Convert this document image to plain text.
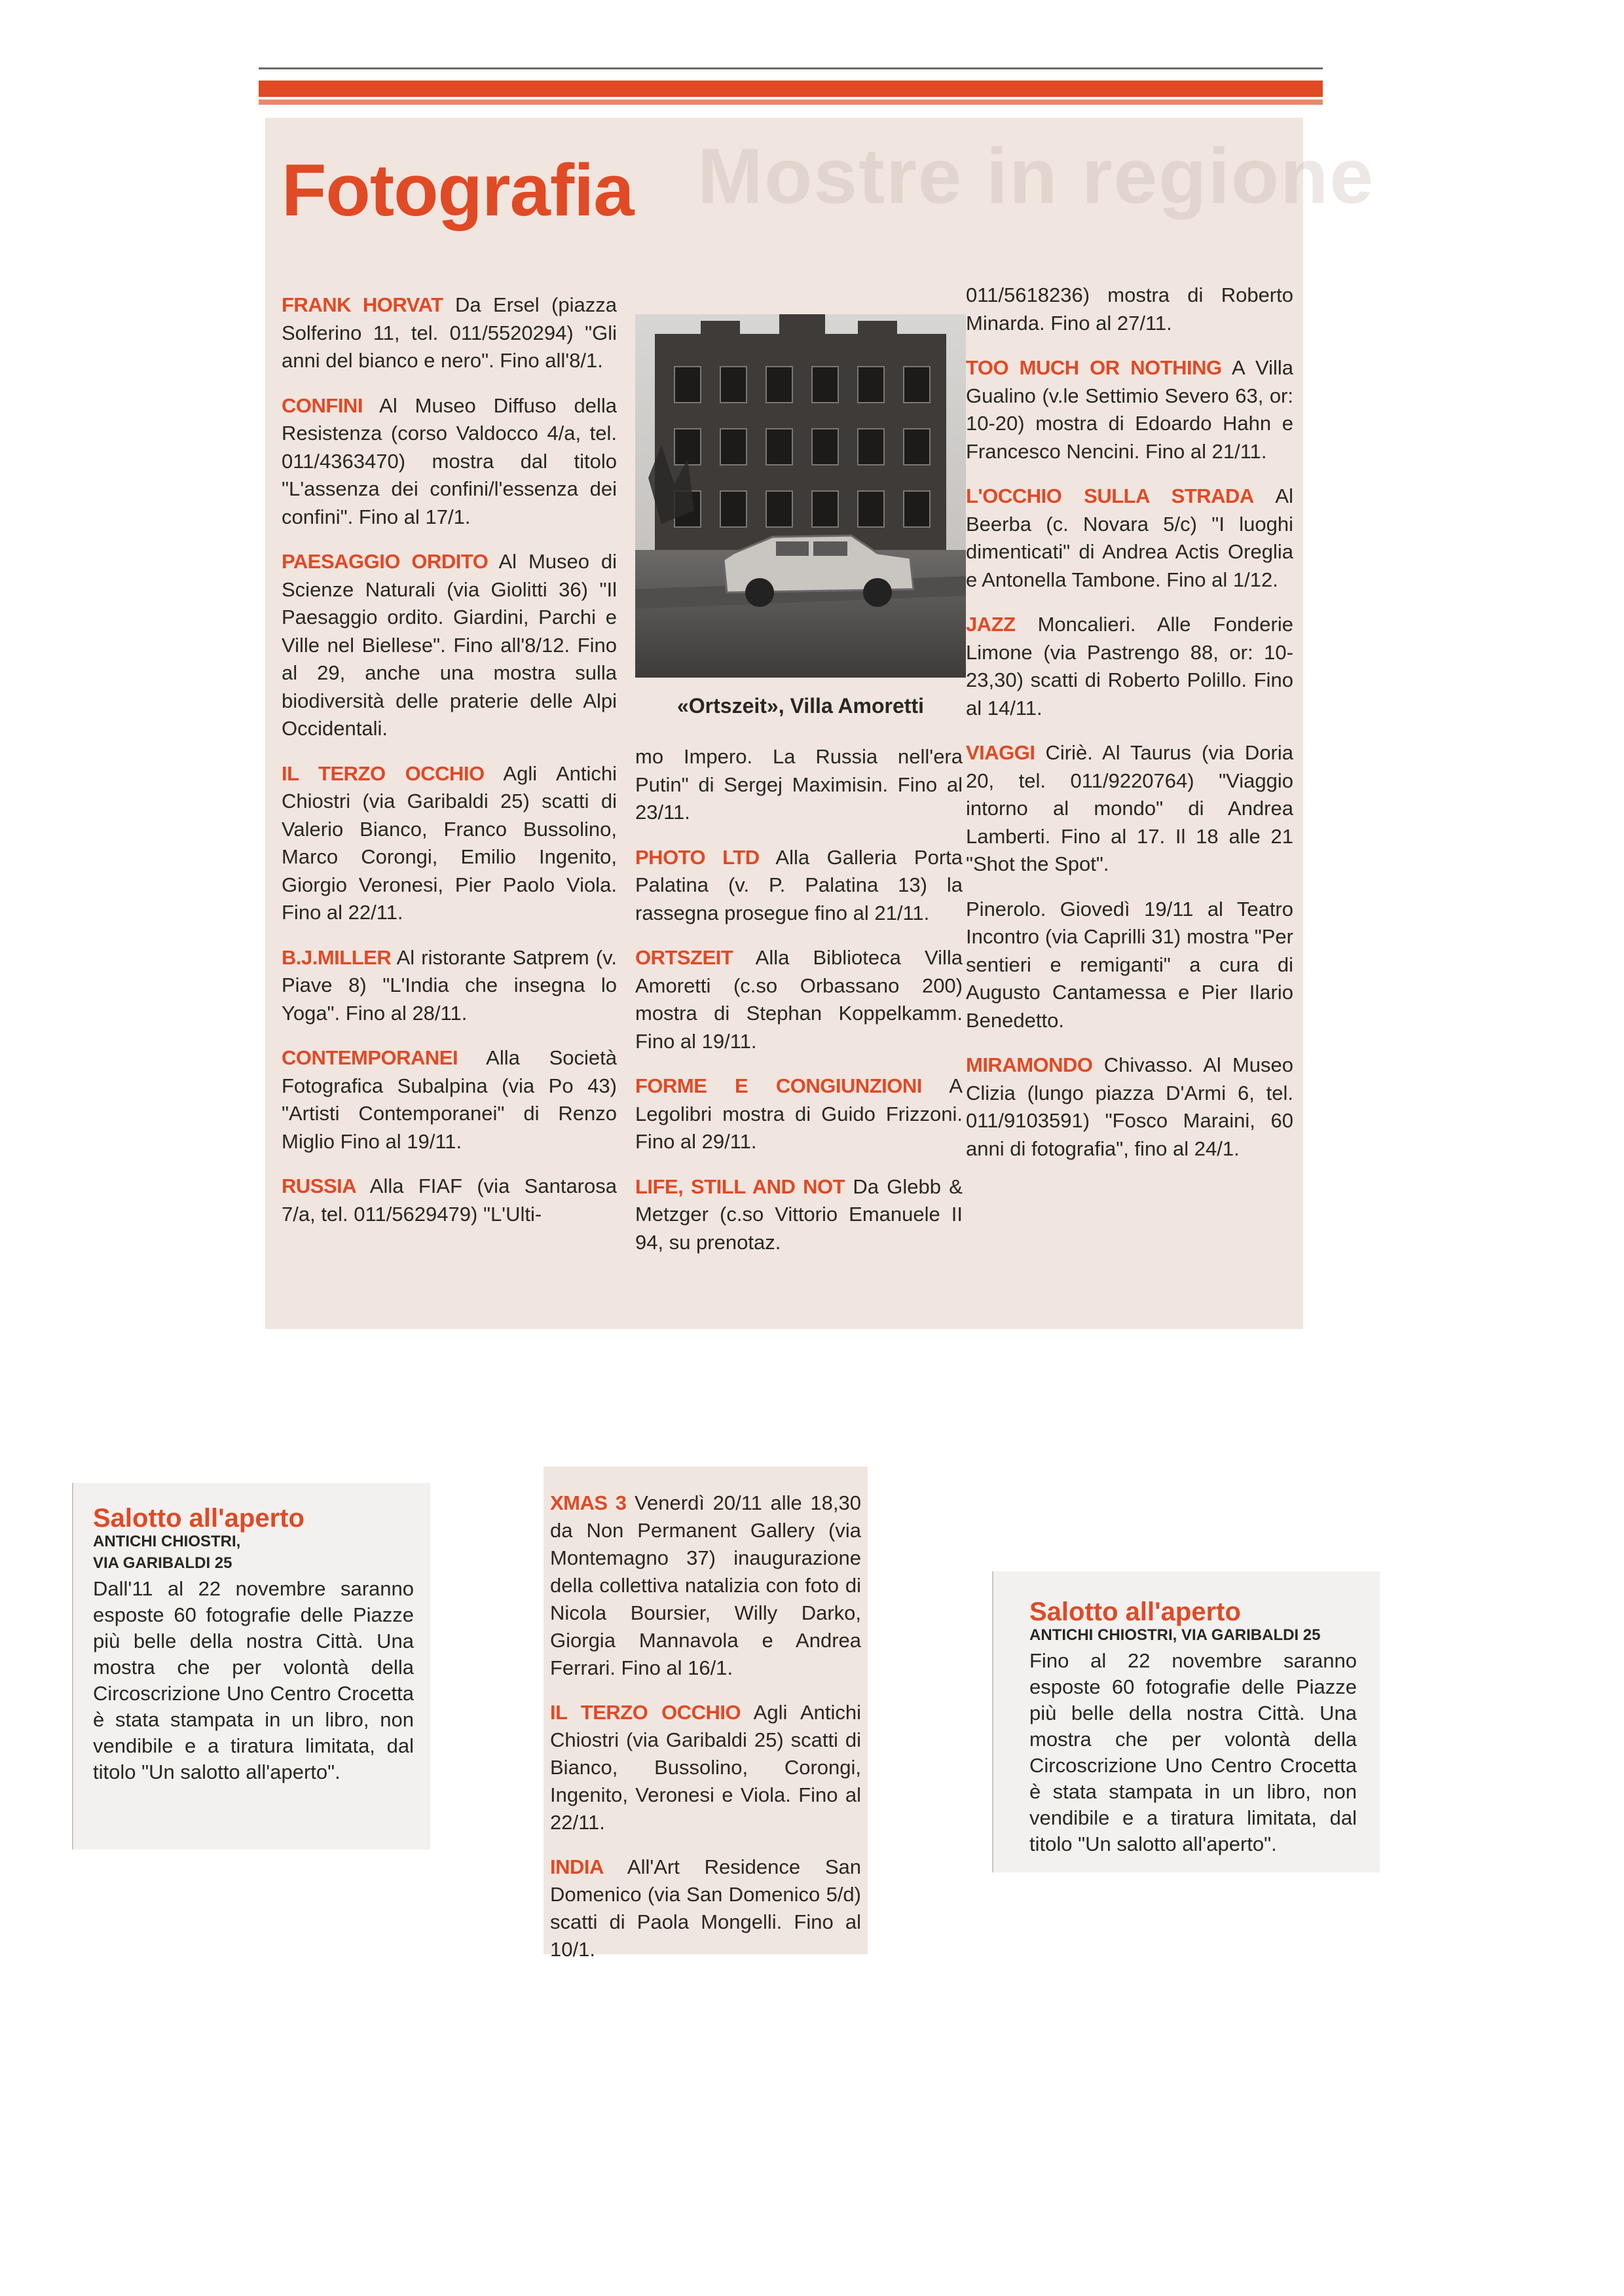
Mostre in regione
Fotografia
FRANK HORVAT Da Ersel (piazza Solferino 11, tel. 011/5520294) "Gli anni del bianco e nero". Fino all'8/1.
CONFINI Al Museo Diffuso della Resistenza (corso Valdocco 4/a, tel. 011/4363470) mostra dal titolo "L'assenza dei confini/l'essenza dei confini". Fino al 17/1.
PAESAGGIO ORDITO Al Museo di Scienze Naturali (via Giolitti 36) "Il Paesaggio ordito. Giardini, Parchi e Ville nel Biellese". Fino all'8/12. Fino al 29, anche una mostra sulla biodiversità delle praterie delle Alpi Occidentali.
IL TERZO OCCHIO Agli Antichi Chiostri (via Garibaldi 25) scatti di Valerio Bianco, Franco Bussolino, Marco Corongi, Emilio Ingenito, Giorgio Veronesi, Pier Paolo Viola. Fino al 22/11.
B.J.MILLER Al ristorante Satprem (v. Piave 8) "L'India che insegna lo Yoga". Fino al 28/11.
CONTEMPORANEI Alla Società Fotografica Subalpina (via Po 43) "Artisti Contemporanei" di Renzo Miglio Fino al 19/11.
RUSSIA Alla FIAF (via Santarosa 7/a, tel. 011/5629479) "L'Ulti-
«Ortszeit», Villa Amoretti
mo Impero. La Russia nell'era Putin" di Sergej Maximisin. Fino al 23/11.
PHOTO LTD Alla Galleria Porta Palatina (v. P. Palatina 13) la rassegna prosegue fino al 21/11.
ORTSZEIT Alla Biblioteca Villa Amoretti (c.so Orbassano 200) mostra di Stephan Koppelkamm. Fino al 19/11.
FORME E CONGIUNZIONI A Legolibri mostra di Guido Frizzoni. Fino al 29/11.
LIFE, STILL AND NOT Da Glebb & Metzger (c.so Vittorio Emanuele II 94, su prenotaz.
011/5618236) mostra di Roberto Minarda. Fino al 27/11.
TOO MUCH OR NOTHING A Villa Gualino (v.le Settimio Severo 63, or: 10-20) mostra di Edoardo Hahn e Francesco Nencini. Fino al 21/11.
L'OCCHIO SULLA STRADA Al Beerba (c. Novara 5/c) "I luoghi dimenticati" di Andrea Actis Oreglia e Antonella Tambone. Fino al 1/12.
JAZZ Moncalieri. Alle Fonderie Limone (via Pastrengo 88, or: 10-23,30) scatti di Roberto Polillo. Fino al 14/11.
VIAGGI Ciriè. Al Taurus (via Doria 20, tel. 011/9220764) "Viaggio intorno al mondo" di Andrea Lamberti. Fino al 17. Il 18 alle 21 "Shot the Spot".
Pinerolo. Giovedì 19/11 al Teatro Incontro (via Caprilli 31) mostra "Per sentieri e remiganti" a cura di Augusto Cantamessa e Pier Ilario Benedetto.
MIRAMONDO Chivasso. Al Museo Clizia (lungo piazza D'Armi 6, tel. 011/9103591) "Fosco Maraini, 60 anni di fotografia", fino al 24/1.
Salotto all'aperto
ANTICHI CHIOSTRI,
VIA GARIBALDI 25
Dall'11 al 22 novembre saranno esposte 60 fotografie delle Piazze più belle della nostra Città. Una mostra che per volontà della Circoscrizione Uno Centro Crocetta è stata stampata in un libro, non vendibile e a tiratura limitata, dal titolo "Un salotto all'aperto".
XMAS 3 Venerdì 20/11 alle 18,30 da Non Permanent Gallery (via Montemagno 37) inaugurazione della collettiva natalizia con foto di Nicola Boursier, Willy Darko, Giorgia Mannavola e Andrea Ferrari. Fino al 16/1.
IL TERZO OCCHIO Agli Antichi Chiostri (via Garibaldi 25) scatti di Bianco, Bussolino, Corongi, Ingenito, Veronesi e Viola. Fino al 22/11.
INDIA All'Art Residence San Domenico (via San Domenico 5/d) scatti di Paola Mongelli. Fino al 10/1.
Salotto all'aperto
ANTICHI CHIOSTRI, VIA GARIBALDI 25
Fino al 22 novembre saranno esposte 60 fotografie delle Piazze più belle della nostra Città. Una mostra che per volontà della Circoscrizione Uno Centro Crocetta è stata stampata in un libro, non vendibile e a tiratura limitata, dal titolo "Un salotto all'aperto".
